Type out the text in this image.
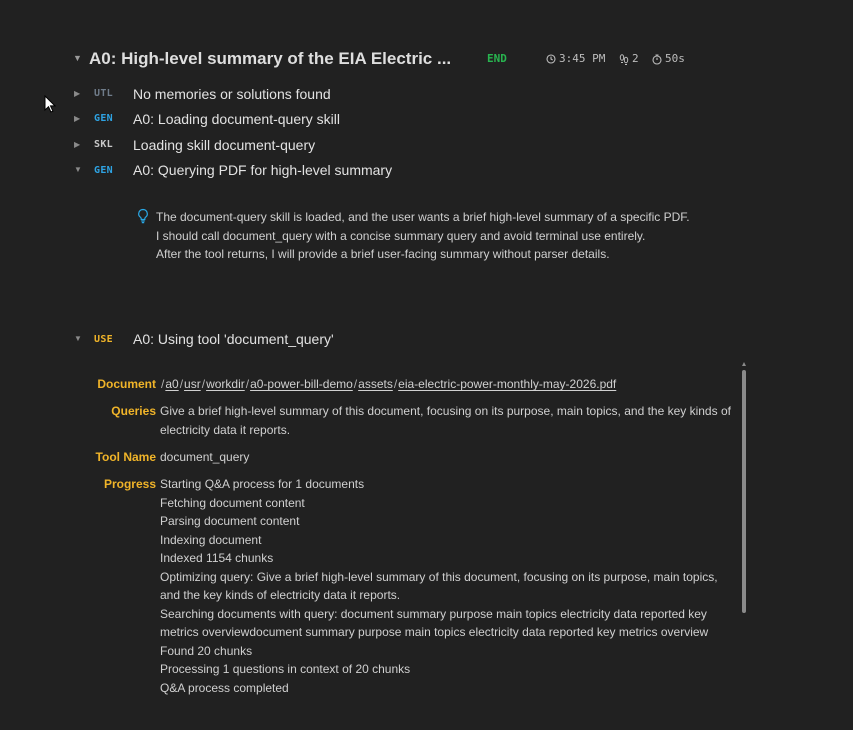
▼ A0: High-level summary of the EIA Electric ...	END	3:45 PM 2 50s
▶ UTL No memories or solutions found
▶ GEN A0: Loading document-query skill
▶ SKL Loading skill document-query
▼ GEN A0: Querying PDF for high-level summary
The document-query skill is loaded, and the user wants a brief high-level summary of a specific PDF.
I should call document_query with a concise summary query and avoid terminal use entirely.
After the tool returns, I will provide a brief user-facing summary without parser details.
▼ USE A0: Using tool 'document_query'
Document /a0/usr/workdir/a0-power-bill-demo/assets/eia-electric-power-monthly-may-2026.pdf
Queries Give a brief high-level summary of this document, focusing on its purpose, main topics, and the key kinds of electricity data it reports.
Tool Name document_query
Progress Starting Q&A process for 1 documents
Fetching document content
Parsing document content
Indexing document
Indexed 1154 chunks
Optimizing query: Give a brief high-level summary of this document, focusing on its purpose, main topics, and the key kinds of electricity data it reports.
Searching documents with query: document summary purpose main topics electricity data reported key metrics overviewdocument summary purpose main topics electricity data reported key metrics overview
Found 20 chunks
Processing 1 questions in context of 20 chunks
Q&A process completed
